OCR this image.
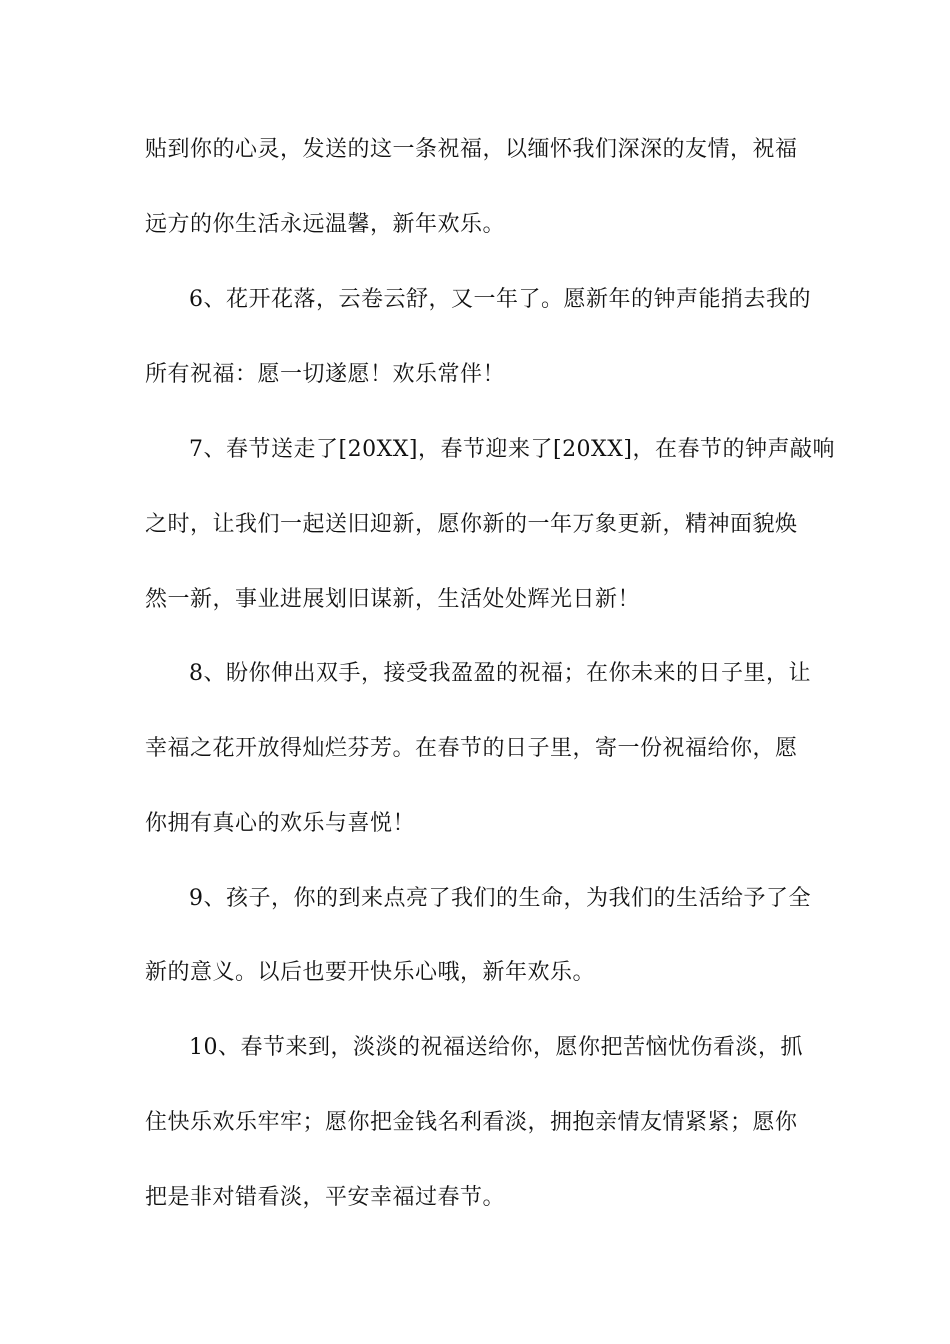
贴到你的心灵，发送的这一条祝福，以缅怀我们深深的友情，祝福
远方的你生活永远温馨，新年欢乐。
6、花开花落，云卷云舒，又一年了。愿新年的钟声能捎去我的
所有祝福：愿一切遂愿！欢乐常伴！
7、春节送走了[20XX]，春节迎来了[20XX]，在春节的钟声敲响
之时，让我们一起送旧迎新，愿你新的一年万象更新，精神面貌焕
然一新，事业进展划旧谋新，生活处处辉光日新！
8、盼你伸出双手，接受我盈盈的祝福；在你未来的日子里，让
幸福之花开放得灿烂芬芳。在春节的日子里，寄一份祝福给你，愿
你拥有真心的欢乐与喜悦！
9、孩子，你的到来点亮了我们的生命，为我们的生活给予了全
新的意义。以后也要开快乐心哦，新年欢乐。
10、春节来到，淡淡的祝福送给你，愿你把苦恼忧伤看淡，抓
住快乐欢乐牢牢；愿你把金钱名利看淡，拥抱亲情友情紧紧；愿你
把是非对错看淡，平安幸福过春节。
